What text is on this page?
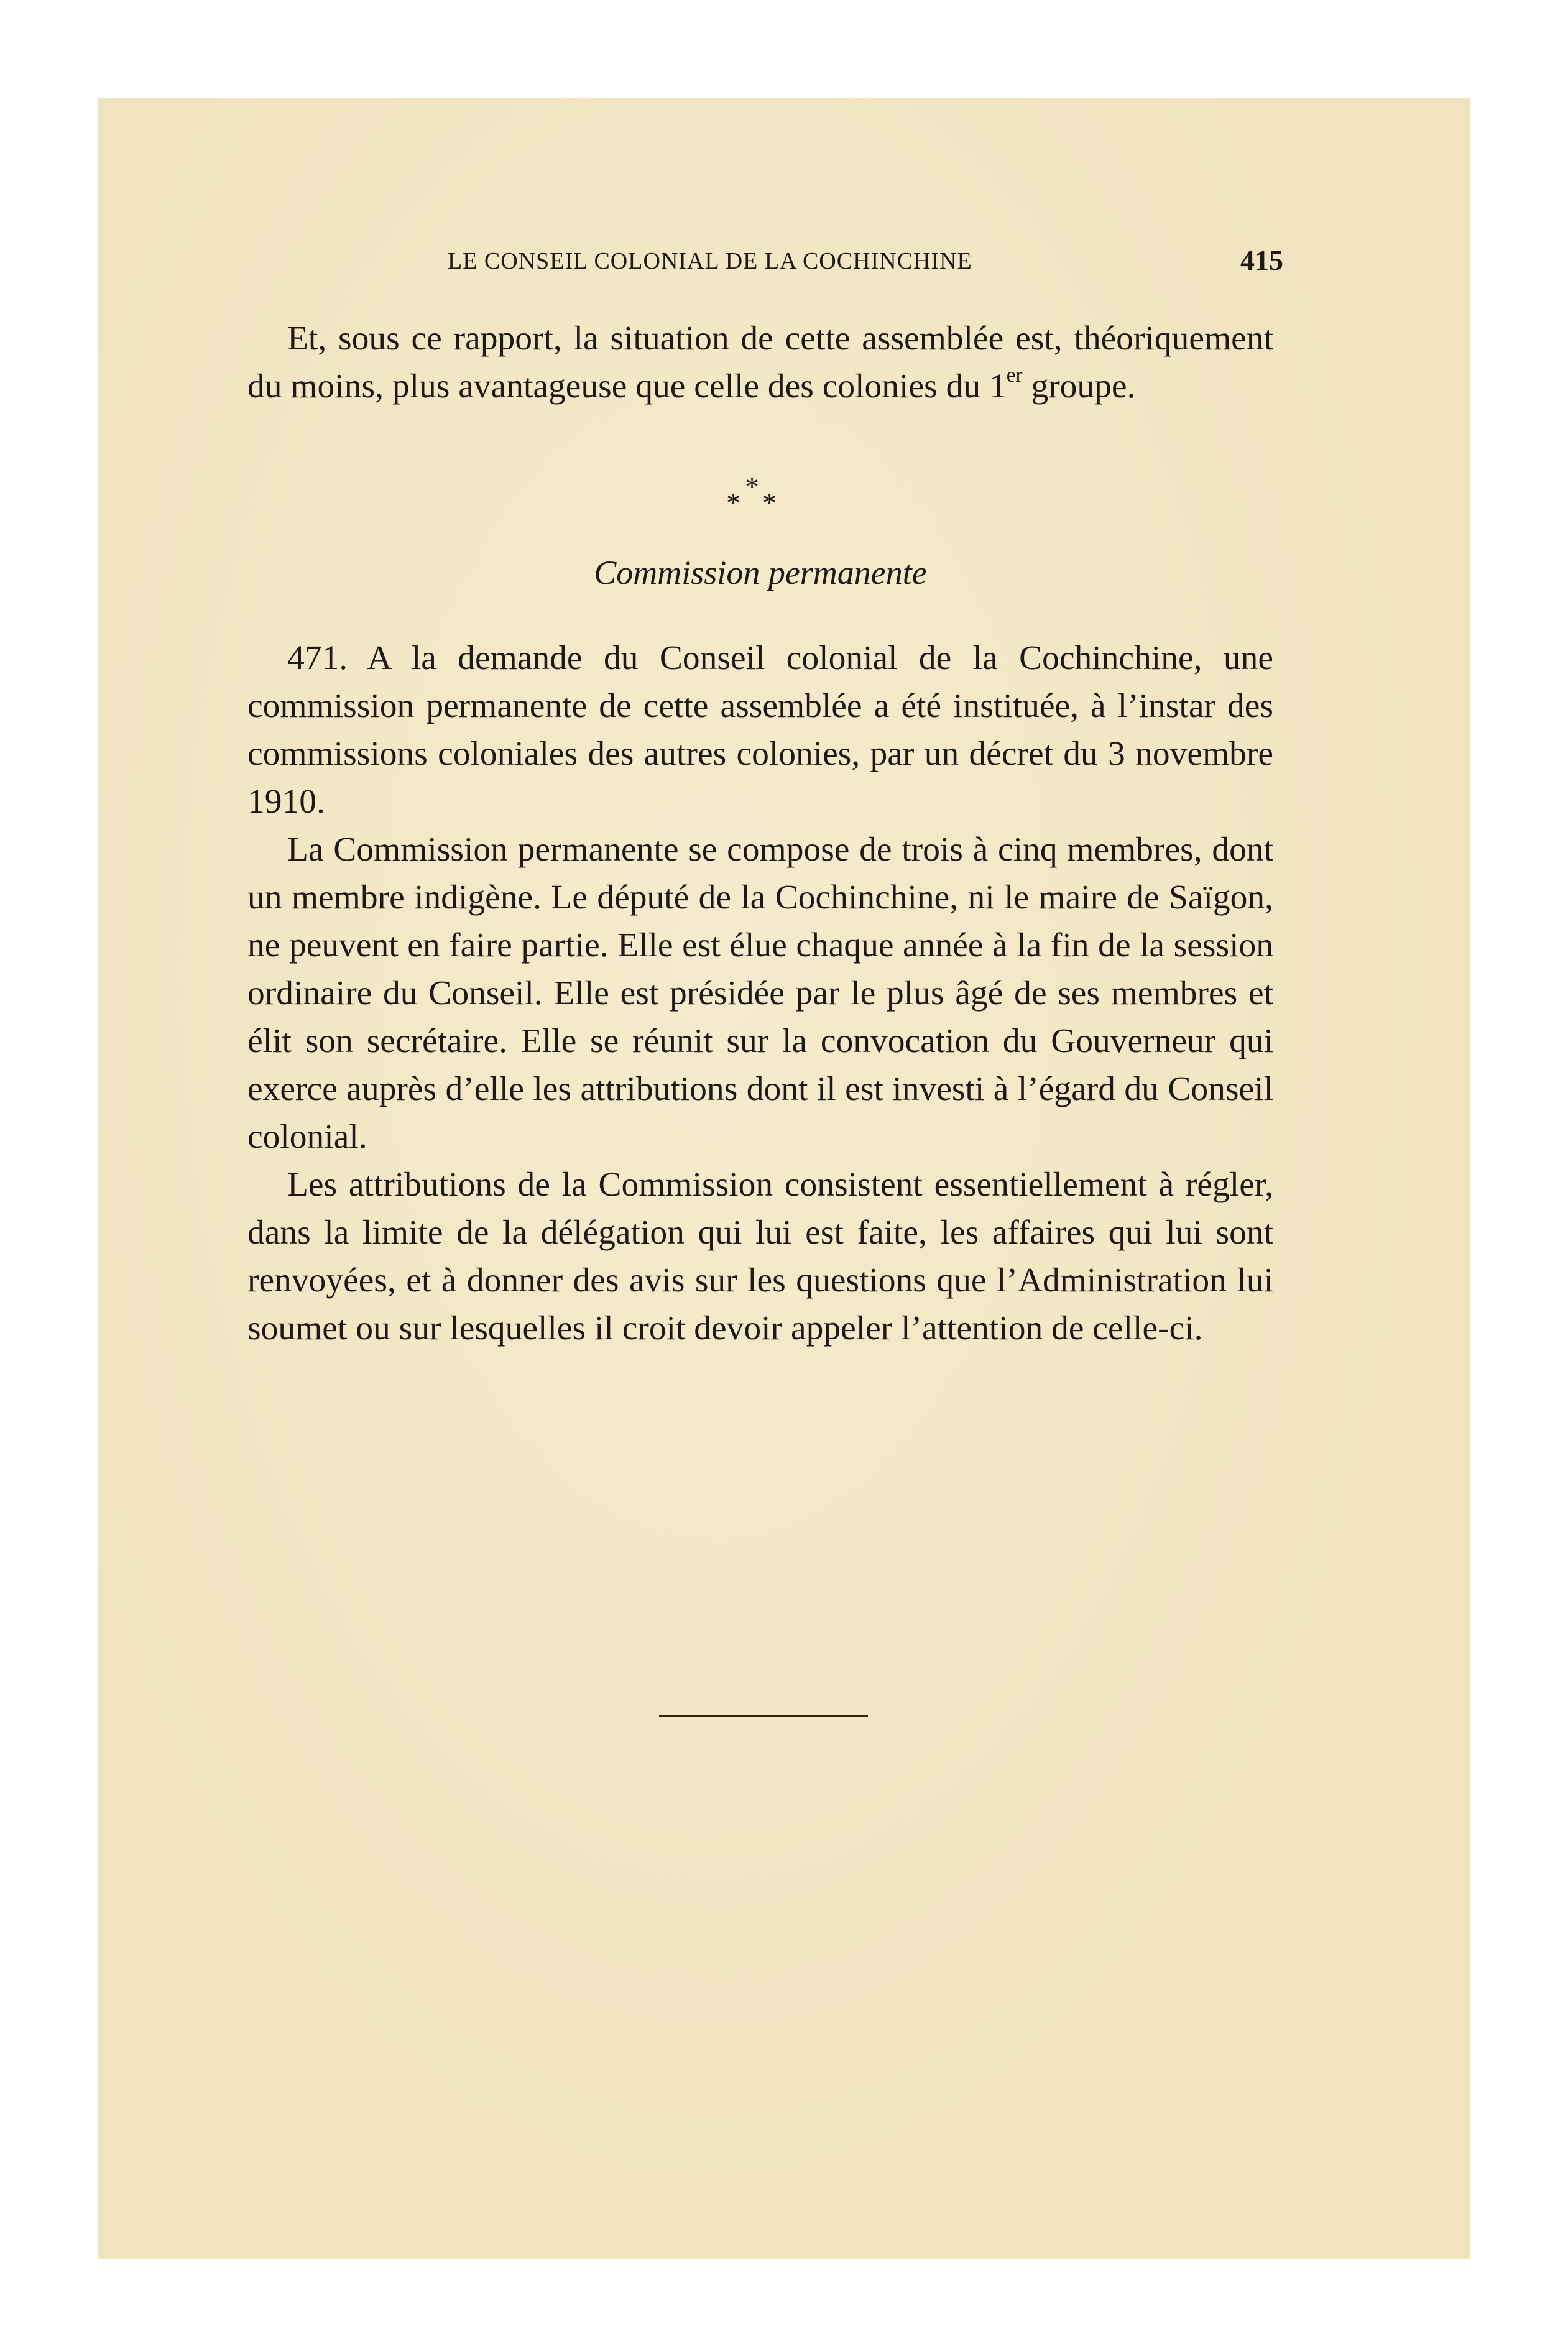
LE CONSEIL COLONIAL DE LA COCHINCHINE	415

Et, sous ce rapport, la situation de cette assemblée est, théoriquement du moins, plus avantageuse que celle des colonies du 1er groupe.

*
* *
Commission permanente

471. A la demande du Conseil colonial de la Cochinchine, une commission permanente de cette assemblée a été instituée, à l’instar des commissions coloniales des autres colonies, par un décret du 3 novembre 1910.

La Commission permanente se compose de trois à cinq membres, dont un membre indigène. Le député de la Cochinchine, ni le maire de Saïgon, ne peuvent en faire partie. Elle est élue chaque année à la fin de la session ordinaire du Conseil. Elle est présidée par le plus âgé de ses membres et élit son secrétaire. Elle se réunit sur la convocation du Gouverneur qui exerce auprès d’elle les attributions dont il est investi à l’égard du Conseil colonial.

Les attributions de la Commission consistent essentiellement à régler, dans la limite de la délégation qui lui est faite, les affaires qui lui sont renvoyées, et à donner des avis sur les questions que l’Administration lui soumet ou sur lesquelles il croit devoir appeler l’attention de celle-ci.
